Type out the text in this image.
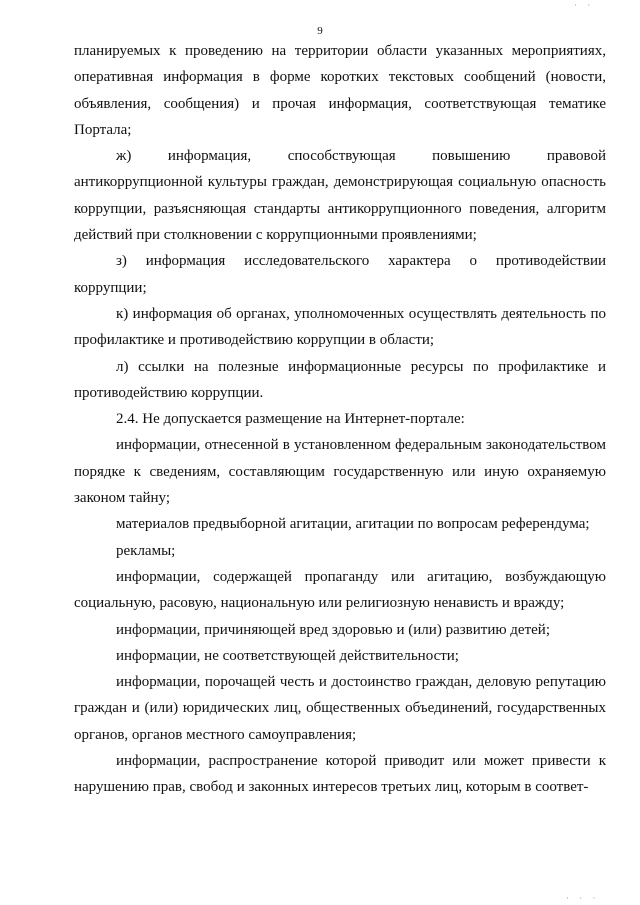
9
· ·

планируемых к проведению на территории области указанных мероприятиях, оперативная информация в форме коротких текстовых сообщений (новости, объявления, сообщения) и прочая информация, соответствующая тематике Портала;

ж) информация, способствующая повышению правовой антикоррупционной культуры граждан, демонстрирующая социальную опасность коррупции, разъясняющая стандарты антикоррупционного поведения, алгоритм действий при столкновении с коррупционными проявлениями;

з) информация исследовательского характера о противодействии коррупции;

к) информация об органах, уполномоченных осуществлять деятельность по профилактике и противодействию коррупции в области;

л) ссылки на полезные информационные ресурсы по профилактике и противодействию коррупции.

2.4. Не допускается размещение на Интернет-портале:

информации, отнесенной в установленном федеральным законодательством порядке к сведениям, составляющим государственную или иную охраняемую законом тайну;

материалов предвыборной агитации, агитации по вопросам референдума;

рекламы;

информации, содержащей пропаганду или агитацию, возбуждающую социальную, расовую, национальную или религиозную ненависть и вражду;

информации, причиняющей вред здоровью и (или) развитию детей;

информации, не соответствующей действительности;

информации, порочащей честь и достоинство граждан, деловую репутацию граждан и (или) юридических лиц, общественных объединений, государственных органов, органов местного самоуправления;

информации, распространение которой приводит или может привести к нарушению прав, свобод и законных интересов третьих лиц, которым в соответ-

· · ·
